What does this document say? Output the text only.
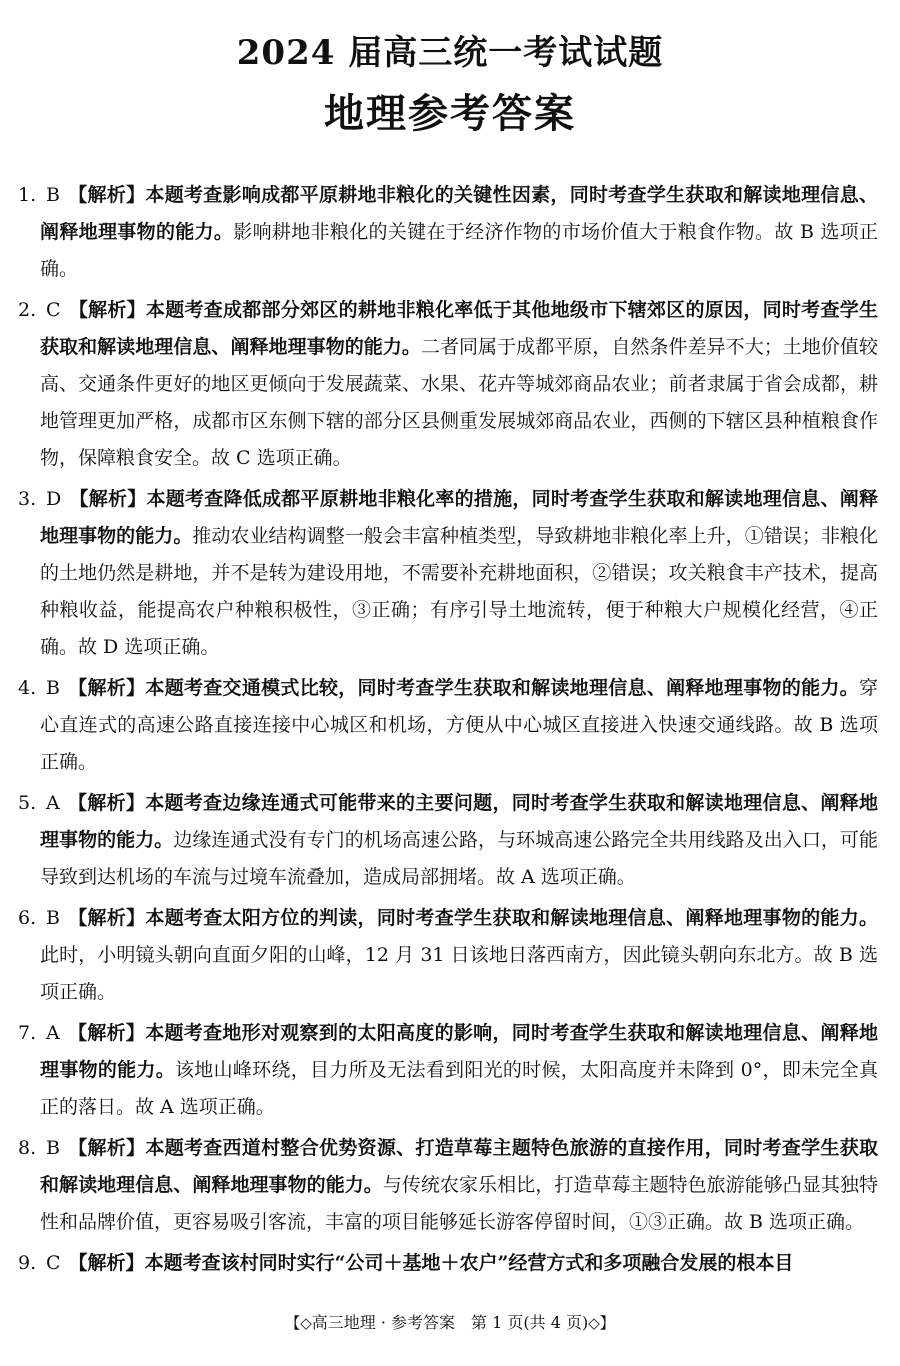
2024 届高三统一考试试题
地理参考答案
1. B 【解析】本题考查影响成都平原耕地非粮化的关键性因素，同时考查学生获取和解读地理信息、阐释地理事物的能力。影响耕地非粮化的关键在于经济作物的市场价值大于粮食作物。故 B 选项正确。
2. C 【解析】本题考查成都部分郊区的耕地非粮化率低于其他地级市下辖郊区的原因，同时考查学生获取和解读地理信息、阐释地理事物的能力。二者同属于成都平原，自然条件差异不大；土地价值较高、交通条件更好的地区更倾向于发展蔬菜、水果、花卉等城郊商品农业；前者隶属于省会成都，耕地管理更加严格，成都市区东侧下辖的部分区县侧重发展城郊商品农业，西侧的下辖区县种植粮食作物，保障粮食安全。故 C 选项正确。
3. D 【解析】本题考查降低成都平原耕地非粮化率的措施，同时考查学生获取和解读地理信息、阐释地理事物的能力。推动农业结构调整一般会丰富种植类型，导致耕地非粮化率上升，①错误；非粮化的土地仍然是耕地，并不是转为建设用地，不需要补充耕地面积，②错误；攻关粮食丰产技术，提高种粮收益，能提高农户种粮积极性，③正确；有序引导土地流转，便于种粮大户规模化经营，④正确。故 D 选项正确。
4. B 【解析】本题考查交通模式比较，同时考查学生获取和解读地理信息、阐释地理事物的能力。穿心直连式的高速公路直接连接中心城区和机场，方便从中心城区直接进入快速交通线路。故 B 选项正确。
5. A 【解析】本题考查边缘连通式可能带来的主要问题，同时考查学生获取和解读地理信息、阐释地理事物的能力。边缘连通式没有专门的机场高速公路，与环城高速公路完全共用线路及出入口，可能导致到达机场的车流与过境车流叠加，造成局部拥堵。故 A 选项正确。
6. B 【解析】本题考查太阳方位的判读，同时考查学生获取和解读地理信息、阐释地理事物的能力。此时，小明镜头朝向直面夕阳的山峰，12 月 31 日该地日落西南方，因此镜头朝向东北方。故 B 选项正确。
7. A 【解析】本题考查地形对观察到的太阳高度的影响，同时考查学生获取和解读地理信息、阐释地理事物的能力。该地山峰环绕，目力所及无法看到阳光的时候，太阳高度并未降到 0°，即未完全真正的落日。故 A 选项正确。
8. B 【解析】本题考查西道村整合优势资源、打造草莓主题特色旅游的直接作用，同时考查学生获取和解读地理信息、阐释地理事物的能力。与传统农家乐相比，打造草莓主题特色旅游能够凸显其独特性和品牌价值，更容易吸引客流，丰富的项目能够延长游客停留时间，①③正确。故 B 选项正确。
9. C 【解析】本题考查该村同时实行“公司＋基地＋农户”经营方式和多项融合发展的根本目
【◇高三地理 · 参考答案　第 1 页(共 4 页)◇】
